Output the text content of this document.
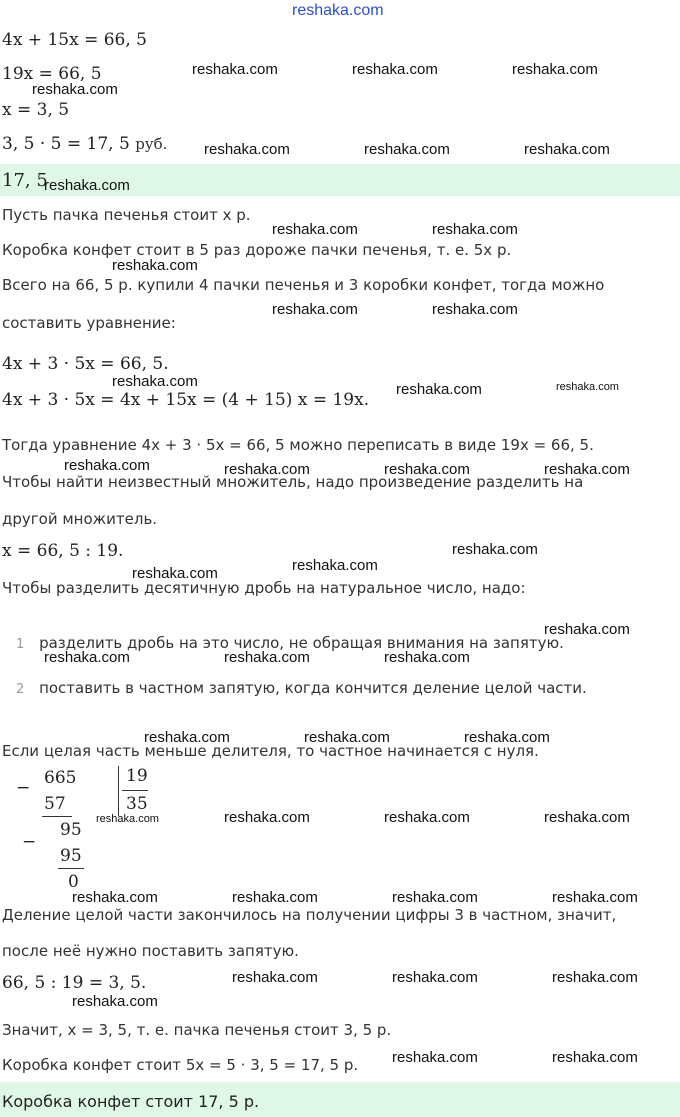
reshaka.com
4x + 15x = 66, 5
19x = 66, 5
x = 3, 5
3, 5 · 5 = 17, 5 руб.
17, 5
Пусть пачка печенья стоит x р.
Коробка конфет стоит в 5 раз дороже пачки печенья, т. е. 5x р.
Всего на 66, 5 р. купили 4 пачки печенья и 3 коробки конфет, тогда можно
составить уравнение:
4x + 3 · 5x = 66, 5.
4x + 3 · 5x = 4x + 15x = (4 + 15) x = 19x.
Тогда уравнение 4x + 3 · 5x = 66, 5 можно переписать в виде 19x = 66, 5.
Чтобы найти неизвестный множитель, надо произведение разделить на
другой множитель.
x = 66, 5 : 19.
Чтобы разделить десятичную дробь на натуральное число, надо:
1 разделить дробь на это число, не обращая внимания на запятую.
2 поставить в частном запятую, когда кончится деление целой части.
Если целая часть меньше делителя, то частное начинается с нуля.
− 665
57
−
95
95
0
19
35
Деление целой части закончилось на получении цифры 3 в частном, значит,
после неё нужно поставить запятую.
66, 5 : 19 = 3, 5.
Значит, x = 3, 5, т. е. пачка печенья стоит 3, 5 р.
Коробка конфет стоит 5x = 5 · 3, 5 = 17, 5 р.
Коробка конфет стоит 17, 5 р.
reshaka.com	reshaka.com	reshaka.com
reshaka.com
reshaka.com	reshaka.com	reshaka.com
reshaka.com
reshaka.com	reshaka.com
reshaka.com
reshaka.com	reshaka.com
reshaka.com	reshaka.com	reshaka.com
reshaka.com	reshaka.com	reshaka.com	reshaka.com
reshaka.com
reshaka.com
reshaka.com
reshaka.com
reshaka.com	reshaka.com	reshaka.com
reshaka.com	reshaka.com	reshaka.com
reshaka.com	reshaka.com	reshaka.com	reshaka.com
reshaka.com	reshaka.com	reshaka.com	reshaka.com
reshaka.com	reshaka.com	reshaka.com
reshaka.com
reshaka.com	reshaka.com
